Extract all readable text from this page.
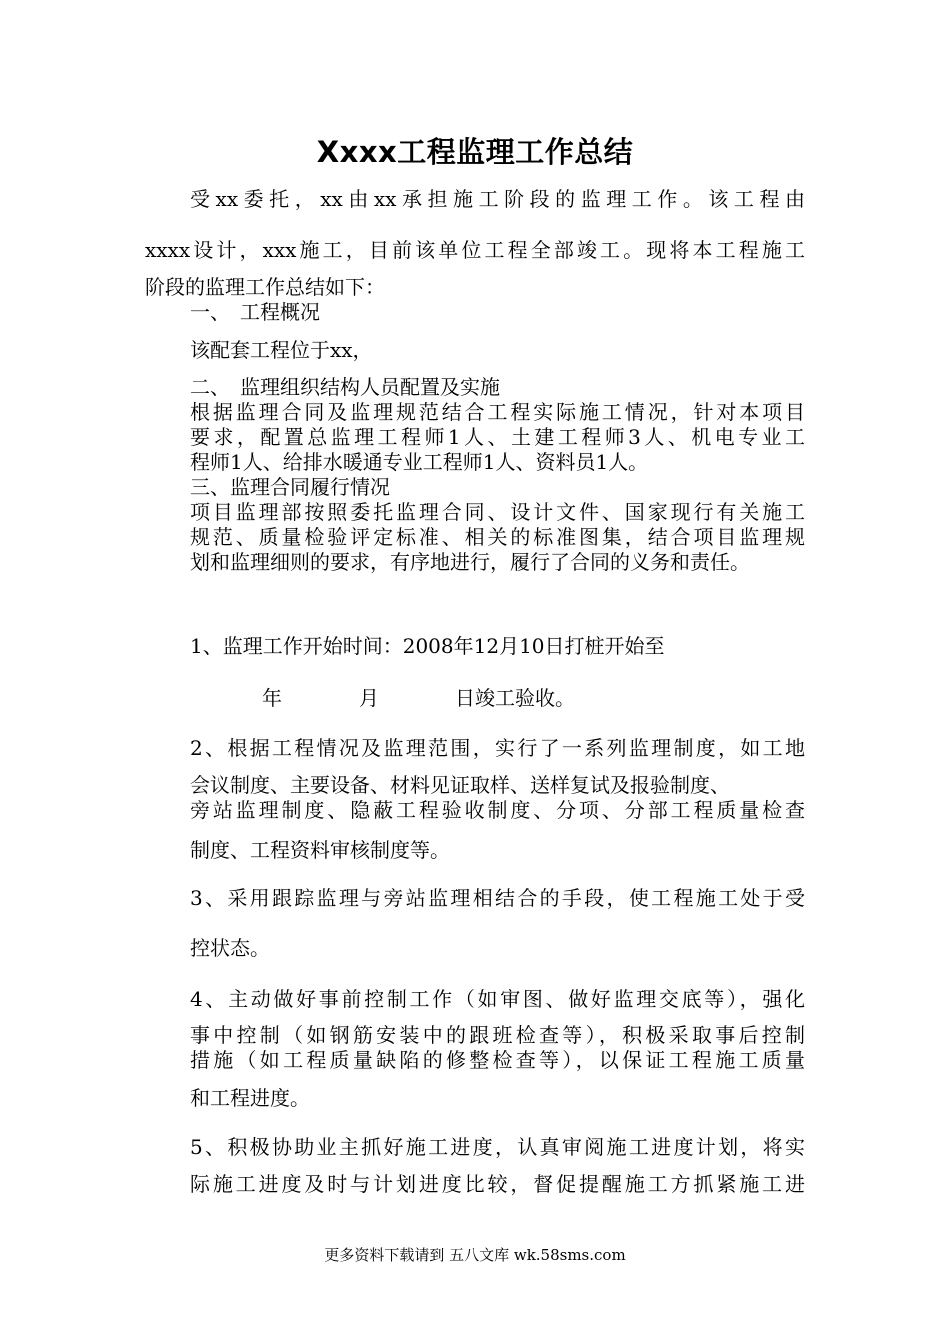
Xxxx工程监理工作总结
受xx委托，xx由xx承担施工阶段的监理工作。该工程由
xxxx设计，xxx施工，目前该单位工程全部竣工。现将本工程施工
阶段的监理工作总结如下：
一、　工程概况
该配套工程位于xx，
二、　监理组织结构人员配置及实施
根据监理合同及监理规范结合工程实际施工情况，针对本项目
要求，配置总监理工程师1人、土建工程师3人、机电专业工
程师1人、给排水暖通专业工程师1人、资料员1人。
三、监理合同履行情况
项目监理部按照委托监理合同、设计文件、国家现行有关施工
规范、质量检验评定标准、相关的标准图集，结合项目监理规
划和监理细则的要求，有序地进行，履行了合同的义务和责任。
1、监理工作开始时间：2008年12月10日打桩开始至
年	月	日竣工验收。
2、根据工程情况及监理范围，实行了一系列监理制度，如工地
会议制度、主要设备、材料见证取样、送样复试及报验制度、
旁站监理制度、隐蔽工程验收制度、分项、分部工程质量检查
制度、工程资料审核制度等。
3、采用跟踪监理与旁站监理相结合的手段，使工程施工处于受
控状态。
4、主动做好事前控制工作（如审图、做好监理交底等），强化
事中控制（如钢筋安装中的跟班检查等），积极采取事后控制
措施（如工程质量缺陷的修整检查等），以保证工程施工质量
和工程进度。
5、积极协助业主抓好施工进度，认真审阅施工进度计划，将实
际施工进度及时与计划进度比较，督促提醒施工方抓紧施工进
更多资料下载请到 五八文库 wk.58sms.com
